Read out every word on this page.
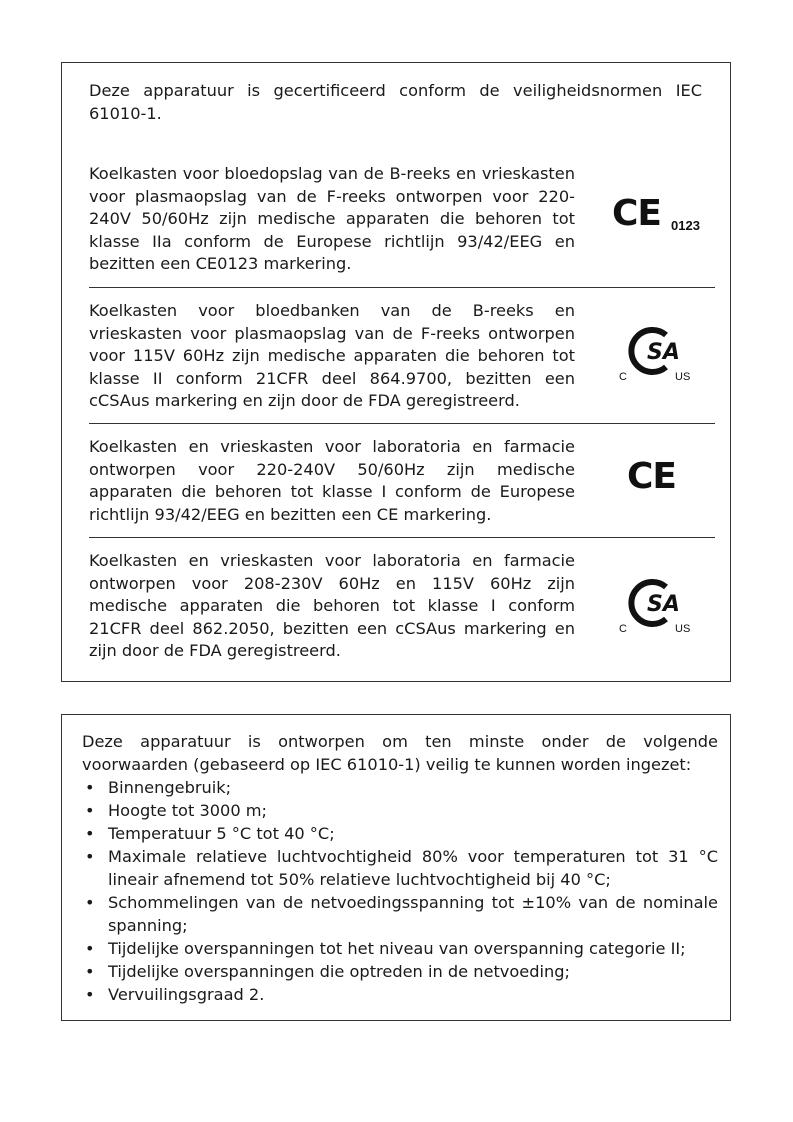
Deze apparatuur is gecertificeerd conform de veiligheidsnormen IEC 61010-1.

Koelkasten voor bloedopslag van de B-reeks en vrieskasten voor plasmaopslag van de F-reeks ontworpen voor 220-240V 50/60Hz zijn medische apparaten die behoren tot klasse IIa conform de Europese richtlijn 93/42/EEG en bezitten een CE0123 markering.

CE 0123

Koelkasten voor bloedbanken van de B-reeks en vrieskasten voor plasmaopslag van de F-reeks ontworpen voor 115V 60Hz zijn medische apparaten die behoren tot klasse II conform 21CFR deel 864.9700, bezitten een cCSAus markering en zijn door de FDA geregistreerd.

SA
C	US

Koelkasten en vrieskasten voor laboratoria en farmacie ontworpen voor 220-240V 50/60Hz zijn medische apparaten die behoren tot klasse I conform de Europese richtlijn 93/42/EEG en bezitten een CE markering.

CE

Koelkasten en vrieskasten voor laboratoria en farmacie ontworpen voor 208-230V 60Hz en 115V 60Hz zijn medische apparaten die behoren tot klasse I conform 21CFR deel 862.2050, bezitten een cCSAus markering en zijn door de FDA geregistreerd.

SA
C	US

Deze apparatuur is ontworpen om ten minste onder de volgende voorwaarden (gebaseerd op IEC 61010-1) veilig te kunnen worden ingezet:

• Binnengebruik;
• Hoogte tot 3000 m;
• Temperatuur 5 °C tot 40 °C;
• Maximale relatieve luchtvochtigheid 80% voor temperaturen tot 31 °C lineair afnemend tot 50% relatieve luchtvochtigheid bij 40 °C;
• Schommelingen van de netvoedingsspanning tot ±10% van de nominale spanning;
• Tijdelijke overspanningen tot het niveau van overspanning categorie II;
• Tijdelijke overspanningen die optreden in de netvoeding;
• Vervuilingsgraad 2.
